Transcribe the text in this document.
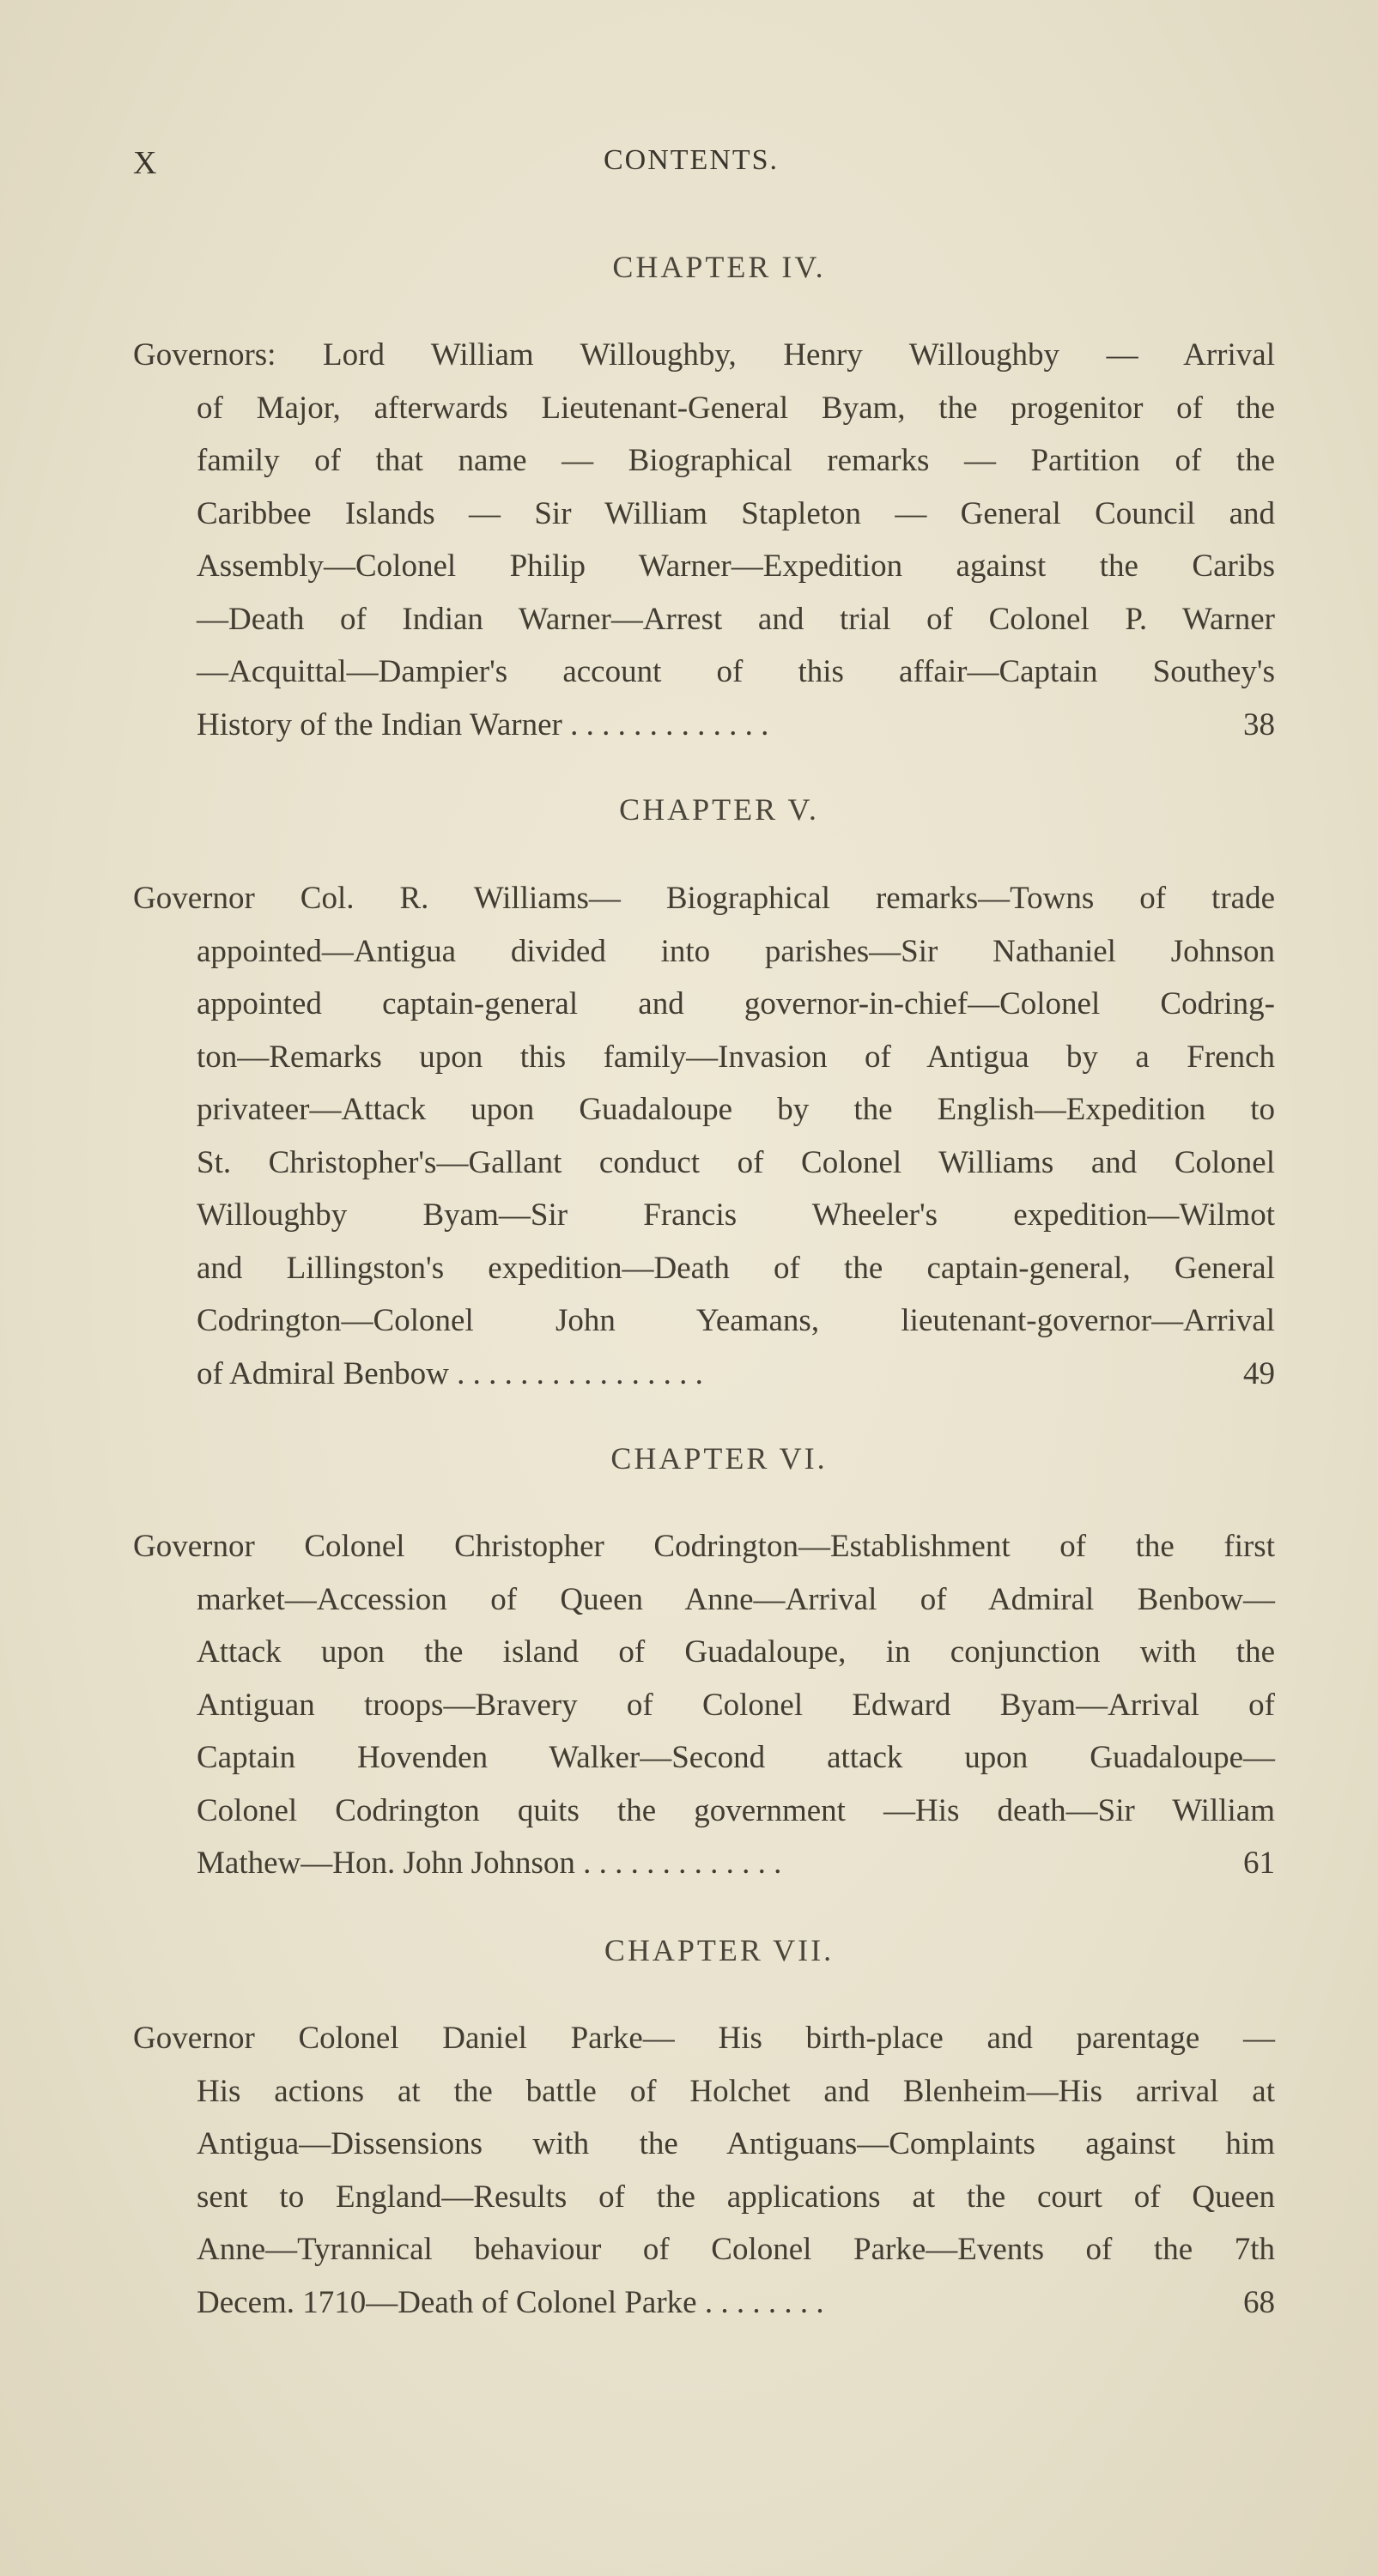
X	CONTENTS.
CHAPTER IV.
Governors: Lord William Willoughby, Henry Willoughby — Arrival
of Major, afterwards Lieutenant-General Byam, the progenitor of the
family of that name — Biographical remarks — Partition of the
Caribbee Islands — Sir William Stapleton — General Council and
Assembly—Colonel Philip Warner—Expedition against the Caribs
—Death of Indian Warner—Arrest and trial of Colonel P. Warner
—Acquittal—Dampier's account of this affair—Captain Southey's
History of the Indian Warner . . . . . . . . . . . . .	38
CHAPTER V.
Governor Col. R. Williams— Biographical remarks—Towns of trade
appointed—Antigua divided into parishes—Sir Nathaniel Johnson
appointed captain-general and governor-in-chief—Colonel Codring-
ton—Remarks upon this family—Invasion of Antigua by a French
privateer—Attack upon Guadaloupe by the English—Expedition to
St. Christopher's—Gallant conduct of Colonel Williams and Colonel
Willoughby Byam—Sir Francis Wheeler's expedition—Wilmot
and Lillingston's expedition—Death of the captain-general, General
Codrington—Colonel John Yeamans, lieutenant-governor—Arrival
of Admiral Benbow . . . . . . . . . . . . . . . .	49
CHAPTER VI.
Governor Colonel Christopher Codrington—Establishment of the first
market—Accession of Queen Anne—Arrival of Admiral Benbow—
Attack upon the island of Guadaloupe, in conjunction with the
Antiguan troops—Bravery of Colonel Edward Byam—Arrival of
Captain Hovenden Walker—Second attack upon Guadaloupe—
Colonel Codrington quits the government —His death—Sir William
Mathew—Hon. John Johnson . . . . . . . . . . . . .	61
CHAPTER VII.
Governor Colonel Daniel Parke— His birth-place and parentage —
His actions at the battle of Holchet and Blenheim—His arrival at
Antigua—Dissensions with the Antiguans—Complaints against him
sent to England—Results of the applications at the court of Queen
Anne—Tyrannical behaviour of Colonel Parke—Events of the 7th
Decem. 1710—Death of Colonel Parke . . . . . . . .	68
